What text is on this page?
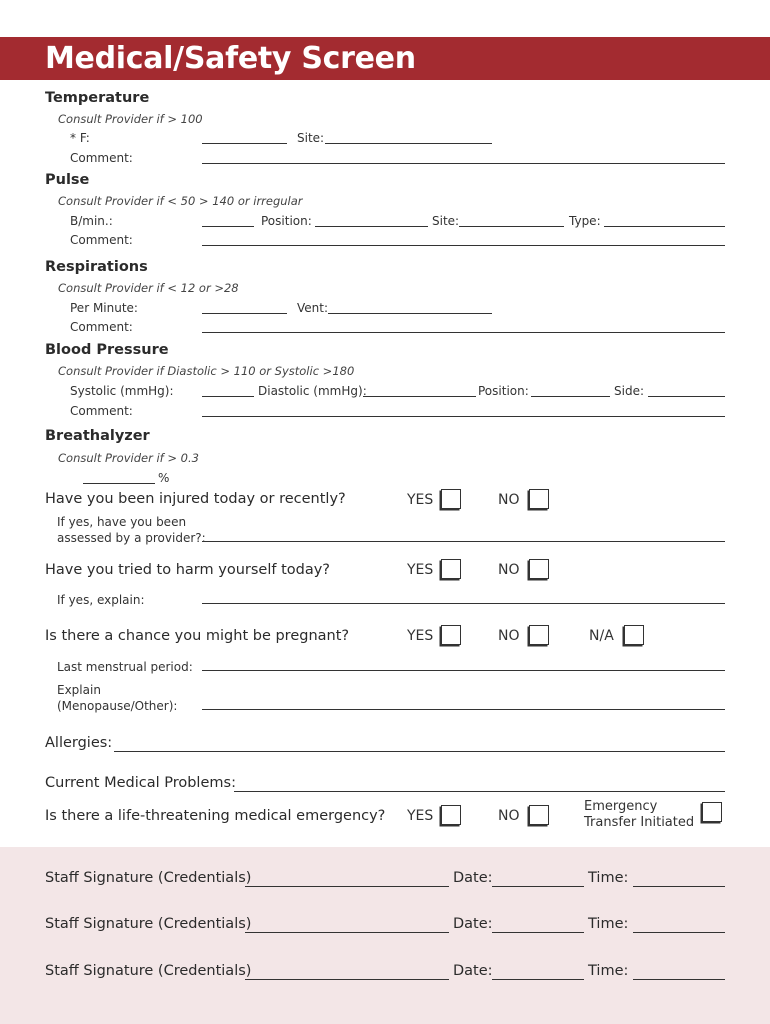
Medical/Safety Screen
Temperature
Consult Provider if > 100
* F:	Site:
Comment:
Pulse
Consult Provider if < 50 > 140 or irregular
B/min.:	Position:	Site:	Type:
Comment:
Respirations
Consult Provider if < 12 or >28
Per Minute:	Vent:
Comment:
Blood Pressure
Consult Provider if Diastolic > 110 or Systolic >180
Systolic (mmHg):	Diastolic (mmHg):	Position:	Side:
Comment:
Breathalyzer
Consult Provider if > 0.3
%
Have you been injured today or recently?	YES	NO
If yes, have you been
assessed by a provider?:
Have you tried to harm yourself today?	YES	NO
If yes, explain:
Is there a chance you might be pregnant?	YES	NO	N/A
Last menstrual period:
Explain
(Menopause/Other):
Allergies:
Current Medical Problems:
Is there a life-threatening medical emergency? YES	NO
Emergency
Transfer Initiated
Staff Signature (Credentials)	Date:	Time:
Staff Signature (Credentials)	Date:	Time:
Staff Signature (Credentials)	Date:	Time:
